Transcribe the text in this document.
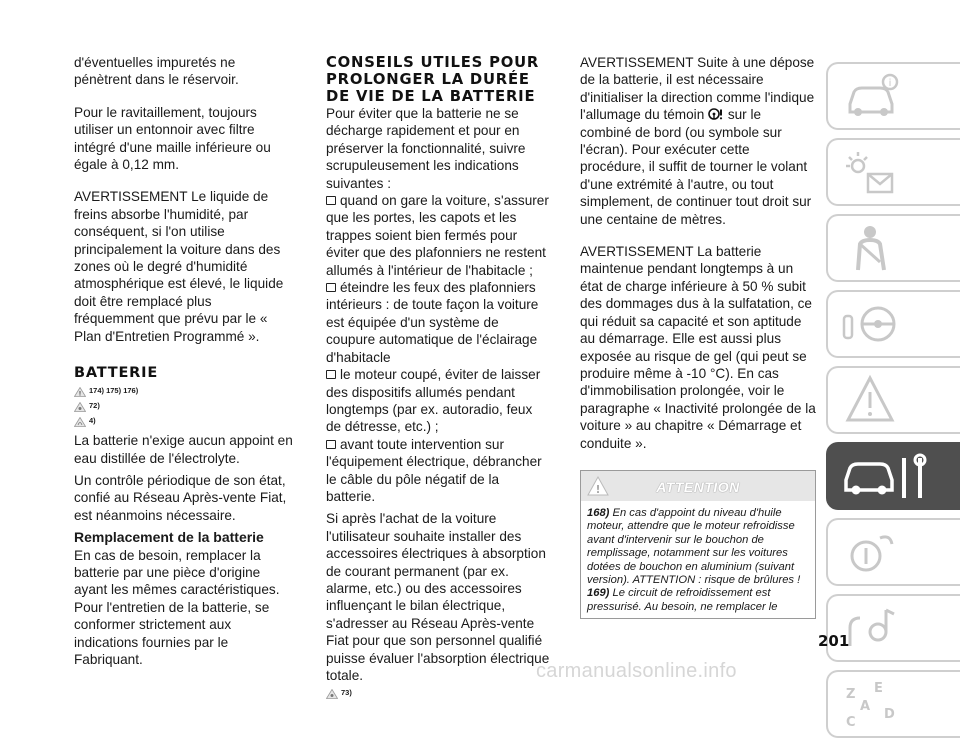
d'éventuelles impuretés ne pénètrent dans le réservoir.

Pour le ravitaillement, toujours utiliser un entonnoir avec filtre intégré d'une maille inférieure ou égale à 0,12 mm.

AVERTISSEMENT Le liquide de freins absorbe l'humidité, par conséquent, si l'on utilise principalement la voiture dans des zones où le degré d'humidité atmosphérique est élevé, le liquide doit être remplacé plus fréquemment que prévu par le « Plan d'Entretien Programmé ».

BATTERIE
! 174) 175) 176)
72)
4)

La batterie n'exige aucun appoint en eau distillée de l'électrolyte.

Un contrôle périodique de son état, confié au Réseau Après-vente Fiat, est néanmoins nécessaire.

Remplacement de la batterie

En cas de besoin, remplacer la batterie par une pièce d'origine ayant les mêmes caractéristiques. Pour l'entretien de la batterie, se conformer strictement aux indications fournies par le Fabriquant.

CONSEILS UTILES POUR PROLONGER LA DURÉE DE VIE DE LA BATTERIE

Pour éviter que la batterie ne se décharge rapidement et pour en préserver la fonctionnalité, suivre scrupuleusement les indications suivantes :

quand on gare la voiture, s'assurer que les portes, les capots et les trappes soient bien fermés pour éviter que des plafonniers ne restent allumés à l'intérieur de l'habitacle ;

éteindre les feux des plafonniers intérieurs : de toute façon la voiture est équipée d'un système de coupure automatique de l'éclairage d'habitacle

le moteur coupé, éviter de laisser des dispositifs allumés pendant longtemps (par ex. autoradio, feux de détresse, etc.) ;

avant toute intervention sur l'équipement électrique, débrancher le câble du pôle négatif de la batterie.

Si après l'achat de la voiture l'utilisateur souhaite installer des accessoires électriques à absorption de courant permanent (par ex. alarme, etc.) ou des accessoires influençant le bilan électrique, s'adresser au Réseau Après-vente Fiat pour que son personnel qualifié puisse évaluer l'absorption électrique totale.

73)

AVERTISSEMENT Suite à une dépose de la batterie, il est nécessaire d'initialiser la direction comme l'indique l'allumage du témoin sur le combiné de bord (ou symbole sur l'écran). Pour exécuter cette procédure, il suffit de tourner le volant d'une extrémité à l'autre, ou tout simplement, de continuer tout droit sur une centaine de mètres.

AVERTISSEMENT La batterie maintenue pendant longtemps à un état de charge inférieure à 50 % subit des dommages dus à la sulfatation, ce qui réduit sa capacité et son aptitude au démarrage. Elle est aussi plus exposée au risque de gel (qui peut se produire même à -10 °C). En cas d'immobilisation prolongée, voir le paragraphe « Inactivité prolongée de la voiture » au chapitre « Démarrage et conduite ».

!	ATTENTION

168) En cas d'appoint du niveau d'huile moteur, attendre que le moteur refroidisse avant d'intervenir sur le bouchon de remplissage, notamment sur les voitures dotées de bouchon en aluminium (suivant version). ATTENTION : risque de brûlures !

169) Le circuit de refroidissement est pressurisé. Au besoin, ne remplacer le

i
Z E
A
C
D
201
carmanualsonline.info
